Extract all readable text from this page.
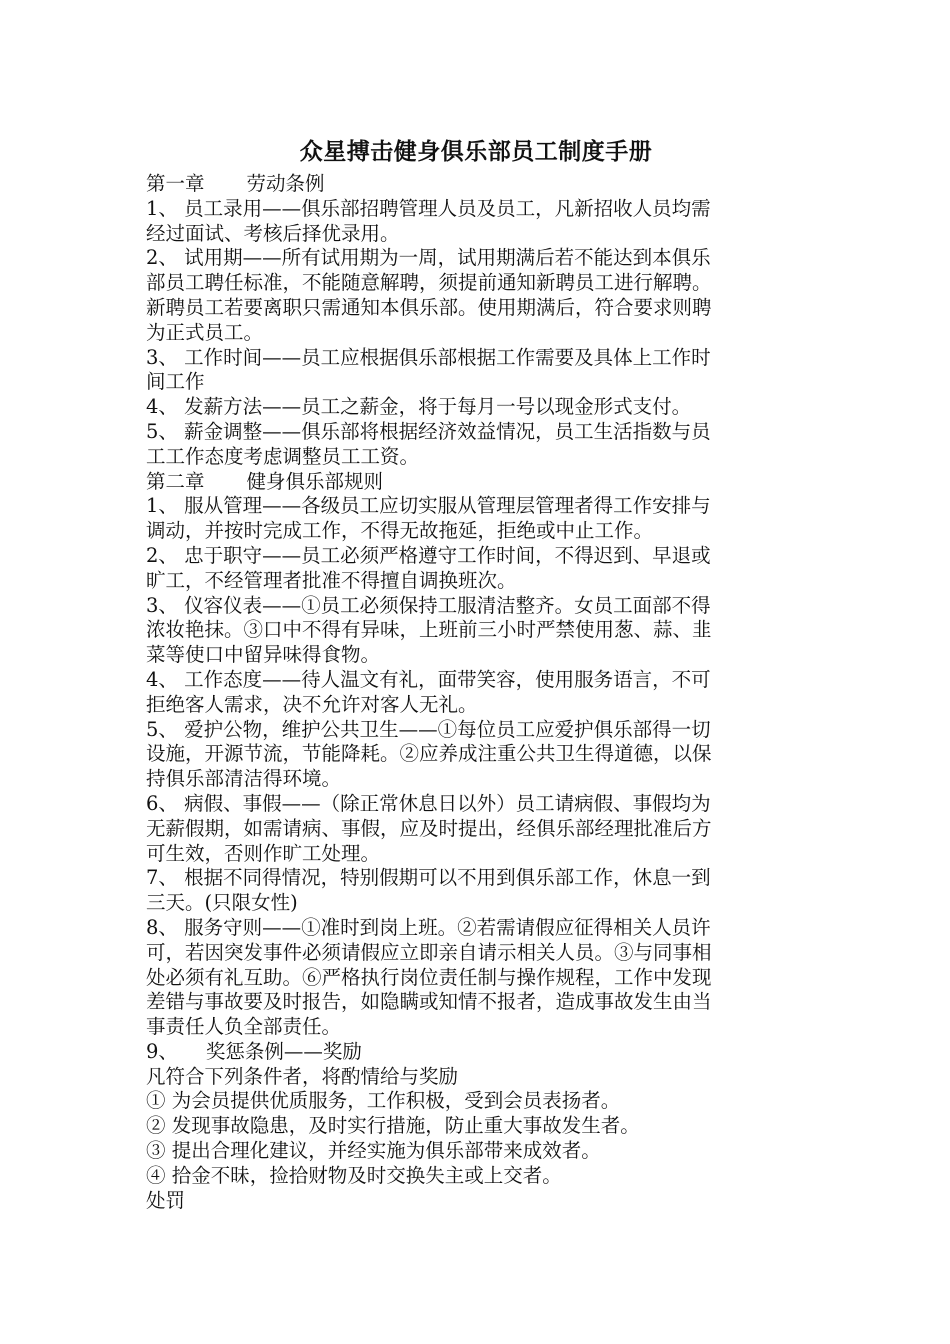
众星搏击健身俱乐部员工制度手册
第一章 劳动条例
1、 员工录用——俱乐部招聘管理人员及员工，凡新招收人员均需
经过面试、考核后择优录用。
2、 试用期——所有试用期为一周，试用期满后若不能达到本俱乐
部员工聘任标准，不能随意解聘，须提前通知新聘员工进行解聘。
新聘员工若要离职只需通知本俱乐部。使用期满后，符合要求则聘
为正式员工。
3、 工作时间——员工应根据俱乐部根据工作需要及具体上工作时
间工作
4、 发薪方法——员工之薪金，将于每月一号以现金形式支付。
5、 薪金调整——俱乐部将根据经济效益情况，员工生活指数与员
工工作态度考虑调整员工工资。
第二章 健身俱乐部规则
1、 服从管理——各级员工应切实服从管理层管理者得工作安排与
调动，并按时完成工作，不得无故拖延，拒绝或中止工作。
2、 忠于职守——员工必须严格遵守工作时间，不得迟到、早退或
旷工，不经管理者批准不得擅自调换班次。
3、 仪容仪表——①员工必须保持工服清洁整齐。女员工面部不得
浓妆艳抹。③口中不得有异味，上班前三小时严禁使用葱、蒜、韭
菜等使口中留异味得食物。
4、 工作态度——待人温文有礼，面带笑容，使用服务语言，不可
拒绝客人需求，决不允许对客人无礼。
5、 爱护公物，维护公共卫生——①每位员工应爱护俱乐部得一切
设施，开源节流，节能降耗。②应养成注重公共卫生得道德，以保
持俱乐部清洁得环境。
6、 病假、事假——（除正常休息日以外）员工请病假、事假均为
无薪假期，如需请病、事假，应及时提出，经俱乐部经理批准后方
可生效，否则作旷工处理。
7、 根据不同得情况，特别假期可以不用到俱乐部工作，休息一到
三天。(只限女性)
8、 服务守则——①准时到岗上班。②若需请假应征得相关人员许
可，若因突发事件必须请假应立即亲自请示相关人员。③与同事相
处必须有礼互助。⑥严格执行岗位责任制与操作规程，工作中发现
差错与事故要及时报告，如隐瞒或知情不报者，造成事故发生由当
事责任人负全部责任。
9、 奖惩条例——奖励
凡符合下列条件者，将酌情给与奖励
① 为会员提供优质服务，工作积极，受到会员表扬者。
② 发现事故隐患，及时实行措施，防止重大事故发生者。
③ 提出合理化建议，并经实施为俱乐部带来成效者。
④ 拾金不昧，捡拾财物及时交换失主或上交者。
处罚
